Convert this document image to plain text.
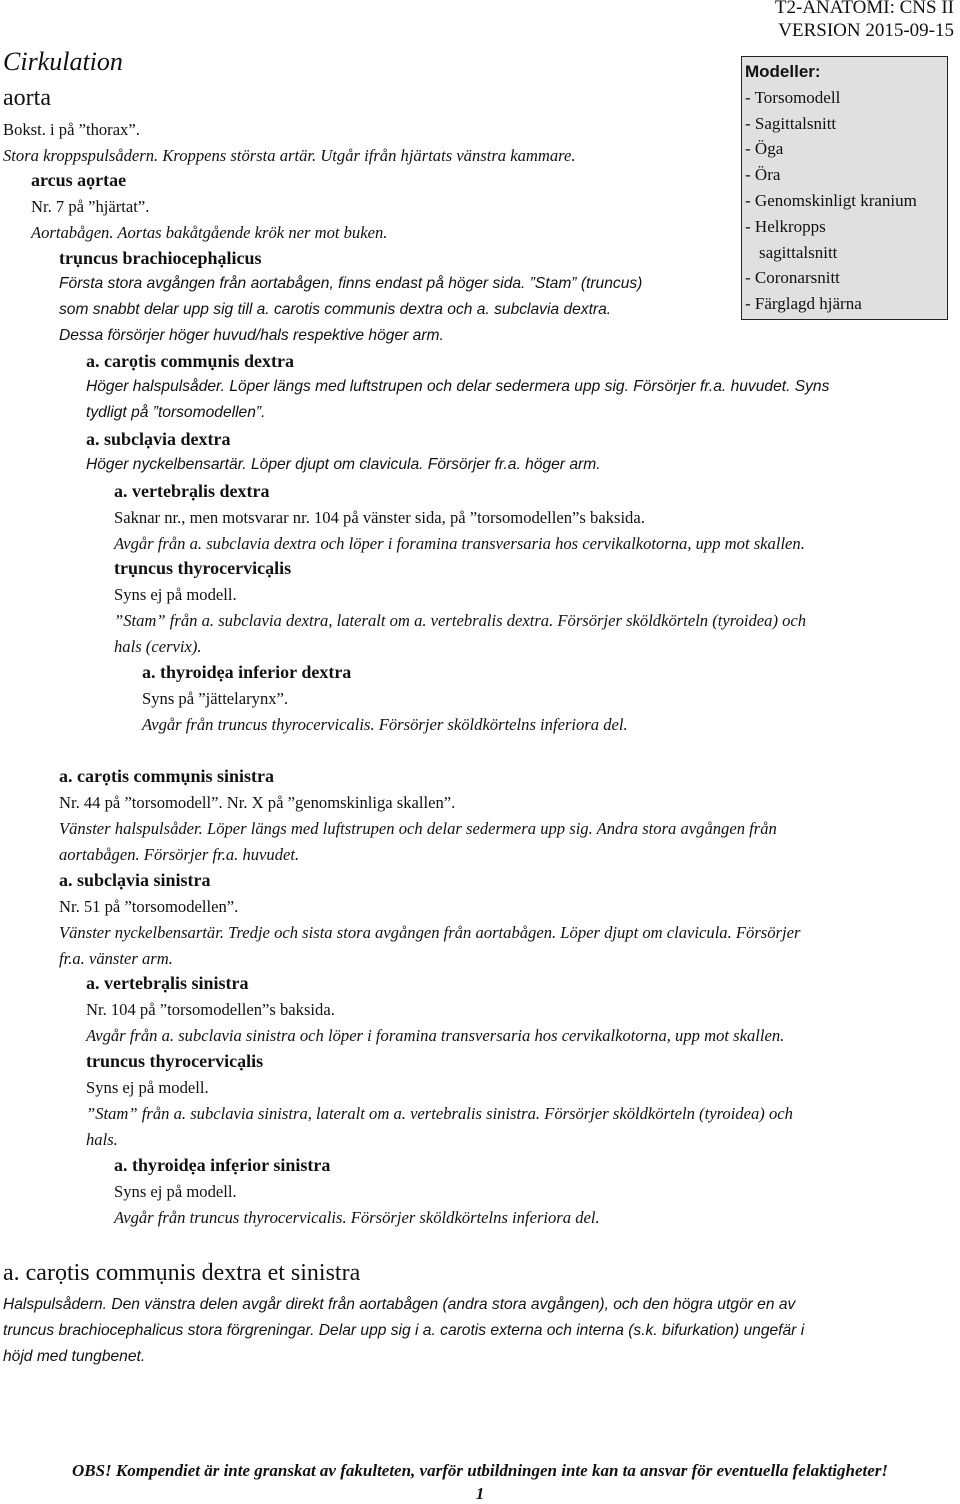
T2-ANATOMI: CNS II
VERSION 2015-09-15
Modeller:
- Torsomodell
- Sagittalsnitt
- Öga
- Öra
- Genomskinligt kranium
- Helkropps
sagittalsnitt
- Coronarsnitt
- Färglagd hjärna
Cirkulation
aorta
Bokst. i på ”thorax”.
Stora kroppspulsådern. Kroppens största artär. Utgår ifrån hjärtats vänstra kammare.
arcus aọrtae
Nr. 7 på ”hjärtat”.
Aortabågen. Aortas bakåtgående krök ner mot buken.
trụncus brachiocephạlicus
Första stora avgången från aortabågen, finns endast på höger sida. ”Stam” (truncus)
som snabbt delar upp sig till a. carotis communis dextra och a. subclavia dextra.
Dessa försörjer höger huvud/hals respektive höger arm.
a. carọtis commụnis dextra
Höger halspulsåder. Löper längs med luftstrupen och delar sedermera upp sig. Försörjer fr.a. huvudet. Syns
tydligt på ”torsomodellen”.
a. subclạvia dextra
Höger nyckelbensartär. Löper djupt om clavicula. Försörjer fr.a. höger arm.
a. vertebrạlis dextra
Saknar nr., men motsvarar nr. 104 på vänster sida, på ”torsomodellen”s baksida.
Avgår från a. subclavia dextra och löper i foramina transversaria hos cervikalkotorna, upp mot skallen.
trụncus thyrocervicạlis
Syns ej på modell.
”Stam” från a. subclavia dextra, lateralt om a. vertebralis dextra. Försörjer sköldkörteln (tyroidea) och
hals (cervix).
a. thyroidẹa inferior dextra
Syns på ”jättelarynx”.
Avgår från truncus thyrocervicalis. Försörjer sköldkörtelns inferiora del.
a. carọtis commụnis sinistra
Nr. 44 på ”torsomodell”. Nr. X på ”genomskinliga skallen”.
Vänster halspulsåder. Löper längs med luftstrupen och delar sedermera upp sig. Andra stora avgången från
aortabågen. Försörjer fr.a. huvudet.
a. subclạvia sinistra
Nr. 51 på ”torsomodellen”.
Vänster nyckelbensartär. Tredje och sista stora avgången från aortabågen. Löper djupt om clavicula. Försörjer
fr.a. vänster arm.
a. vertebrạlis sinistra
Nr. 104 på ”torsomodellen”s baksida.
Avgår från a. subclavia sinistra och löper i foramina transversaria hos cervikalkotorna, upp mot skallen.
truncus thyrocervicạlis
Syns ej på modell.
”Stam” från a. subclavia sinistra, lateralt om a. vertebralis sinistra. Försörjer sköldkörteln (tyroidea) och
hals.
a. thyroidẹa infẹrior sinistra
Syns ej på modell.
Avgår från truncus thyrocervicalis. Försörjer sköldkörtelns inferiora del.
a. carọtis commụnis dextra et sinistra
Halspulsådern. Den vänstra delen avgår direkt från aortabågen (andra stora avgången), och den högra utgör en av
truncus brachiocephalicus stora förgreningar. Delar upp sig i a. carotis externa och interna (s.k. bifurkation) ungefär i
höjd med tungbenet.
OBS! Kompendiet är inte granskat av fakulteten, varför utbildningen inte kan ta ansvar för eventuella felaktigheter!
1
